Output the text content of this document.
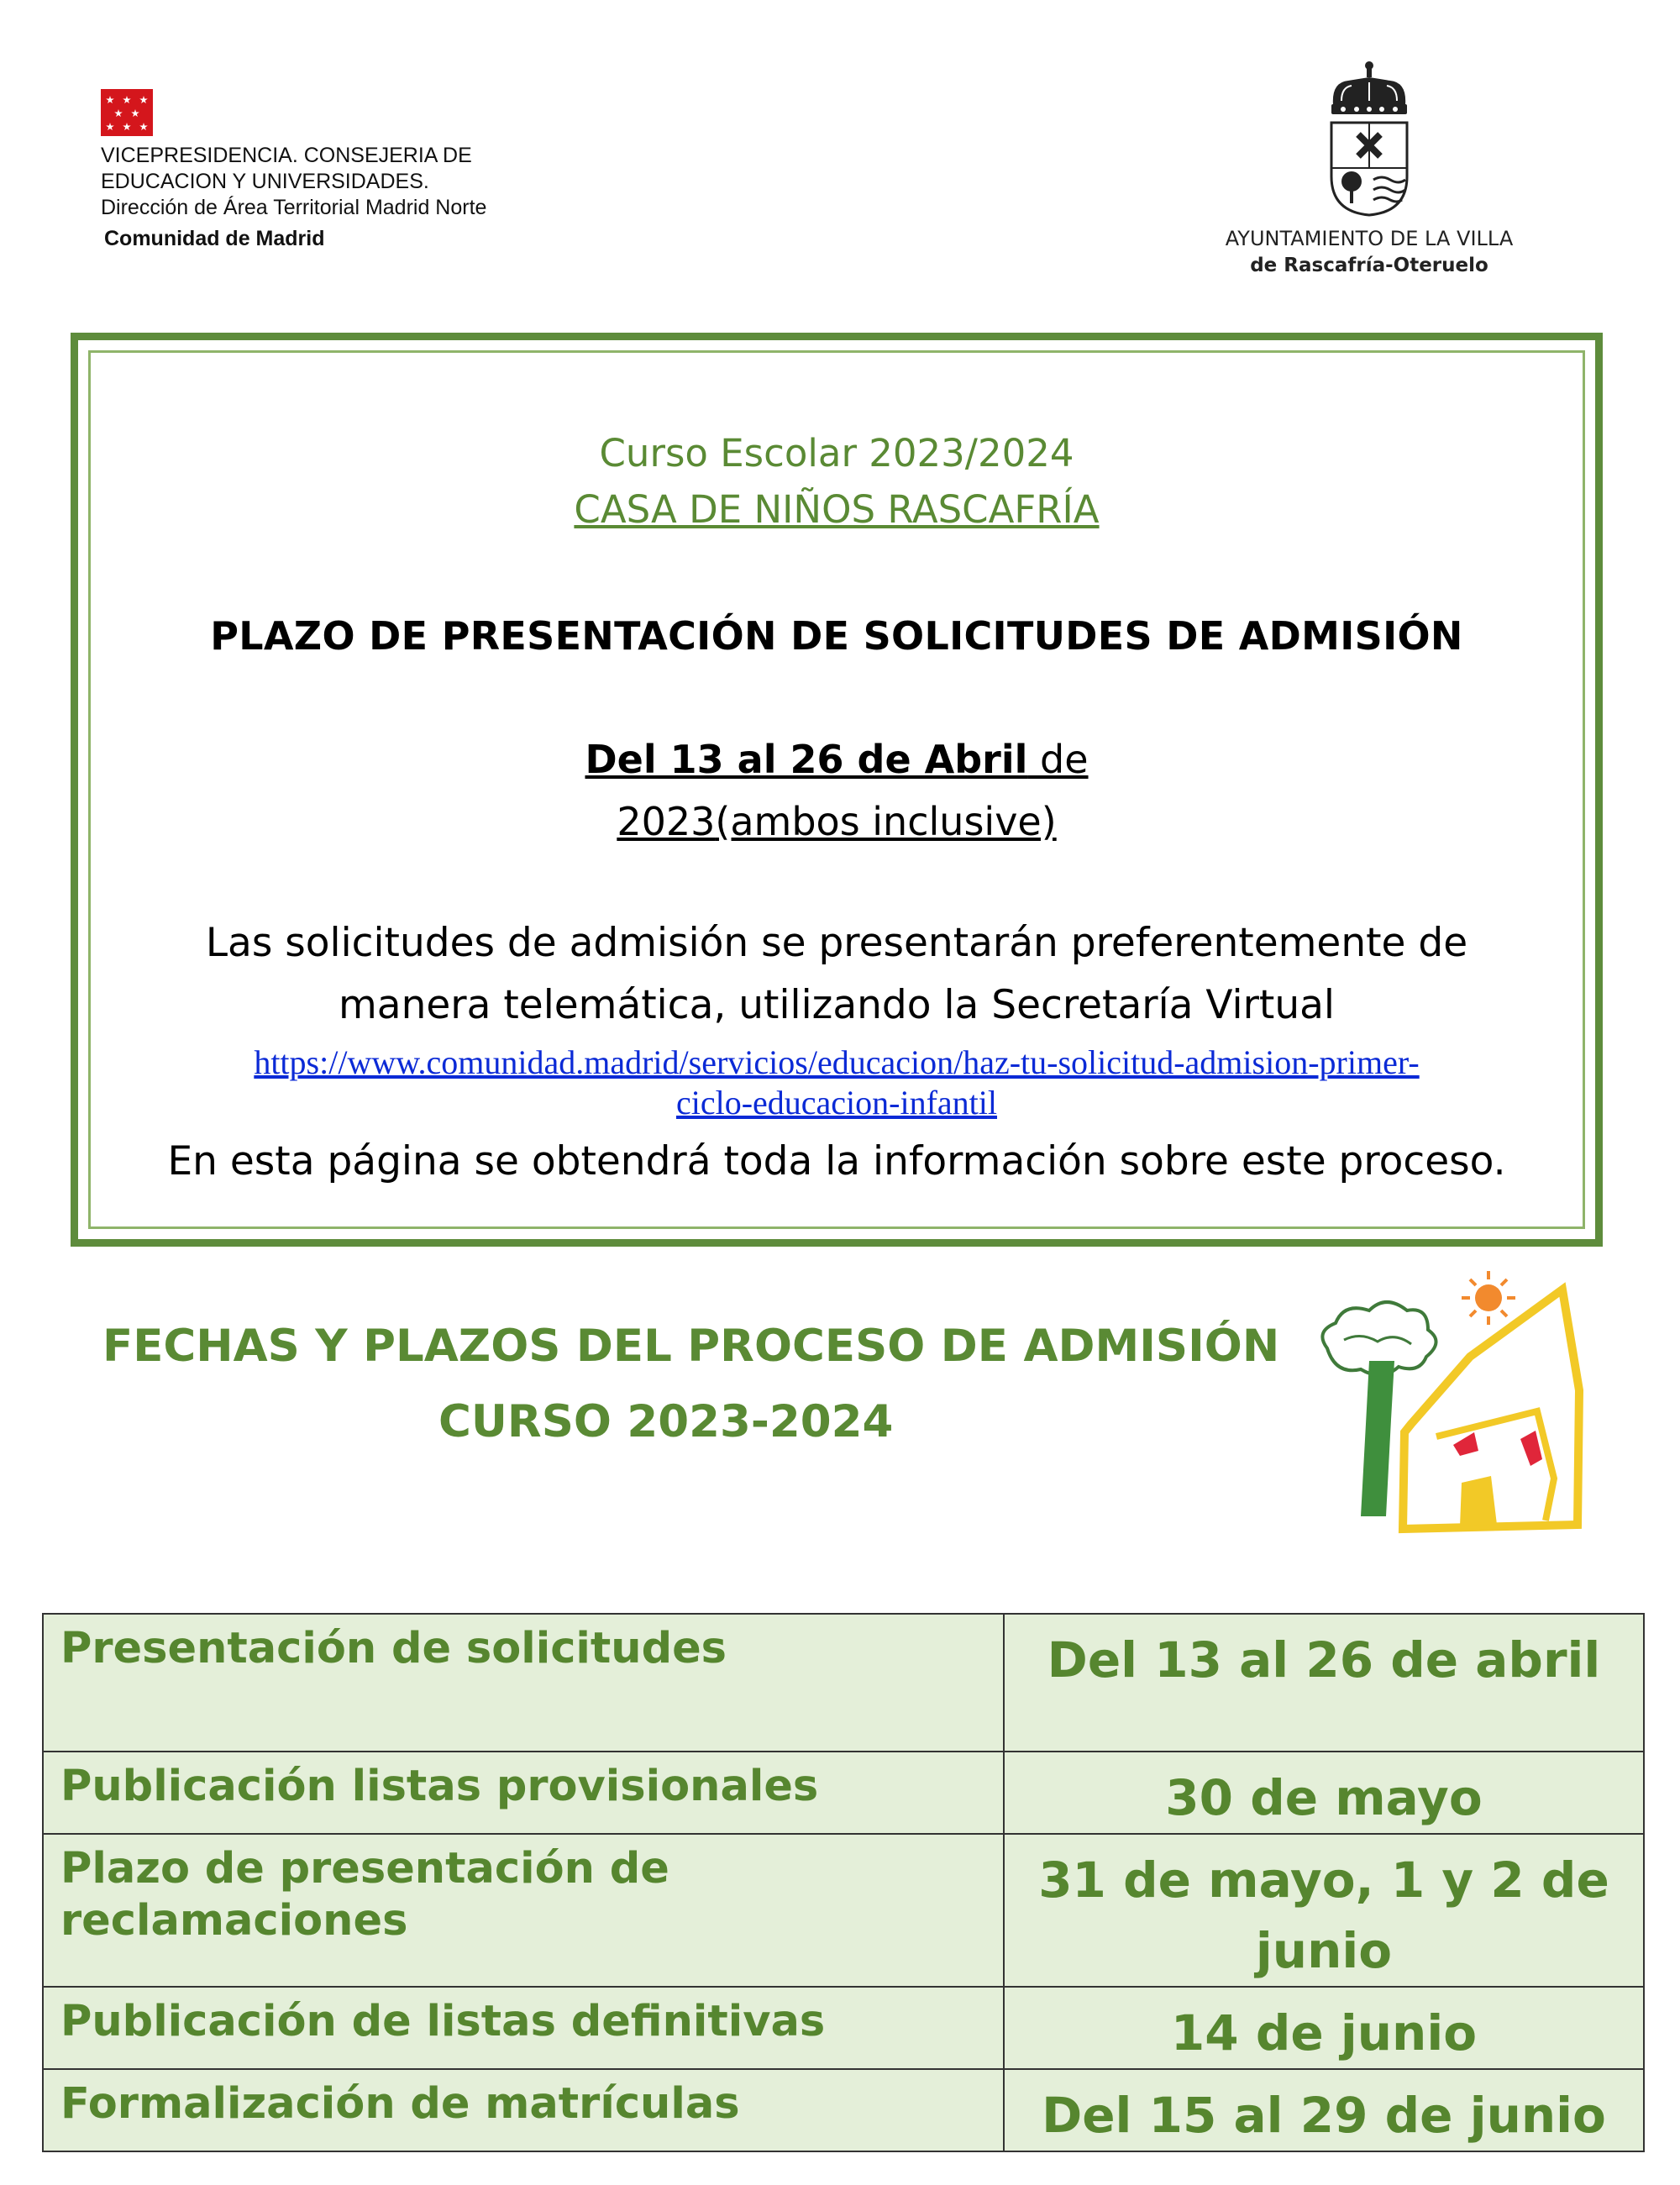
VICEPRESIDENCIA. CONSEJERIA DE
EDUCACION Y UNIVERSIDADES.
Dirección de Área Territorial Madrid Norte
Comunidad de Madrid	AYUNTAMIENTO DE LA VILLA
de Rascafría-Oteruelo
Curso Escolar 2023/2024
CASA DE NIÑOS RASCAFRÍA
PLAZO DE PRESENTACIÓN DE SOLICITUDES DE ADMISIÓN
Del 13 al 26 de Abril de
2023(ambos inclusive)
Las solicitudes de admisión se presentarán preferentemente de
manera telemática, utilizando la Secretaría Virtual
https://www.comunidad.madrid/servicios/educacion/haz-tu-solicitud-admision-primer-
ciclo-educacion-infantil
En esta página se obtendrá toda la información sobre este proceso.
FECHAS Y PLAZOS DEL PROCESO DE ADMISIÓN
CURSO 2023-2024
Presentación de solicitudes	Del 13 al 26 de abril
Publicación listas provisionales	30 de mayo
Plazo de presentación de reclamaciones	31 de mayo, 1 y 2 de junio
Publicación de listas definitivas	14 de junio
Formalización de matrículas	Del 15 al 29 de junio
